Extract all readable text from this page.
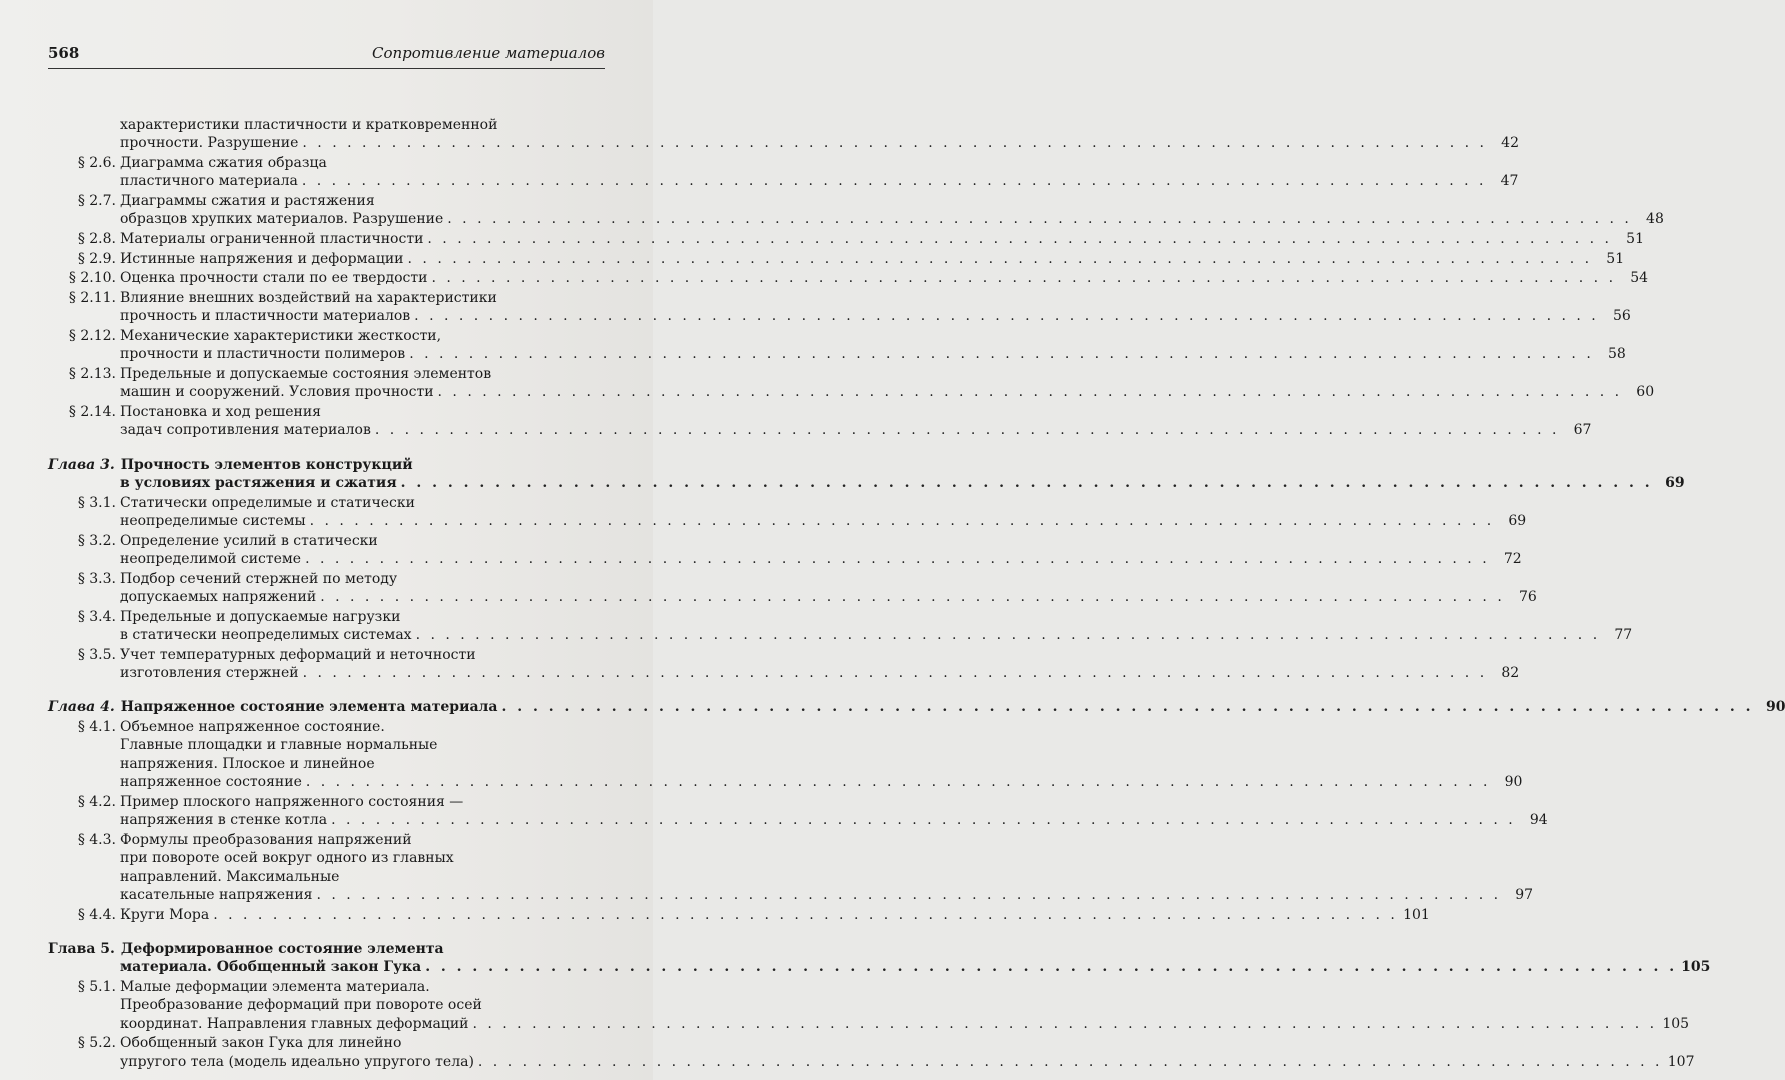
568	Сопротивление материалов
характеристики пластичности и кратковременной
прочности. Разрушение . . . . . . . . . . . . . . . . . . . . . . . . . . . . . . . . . . . . . . . . . . . . . . . . . . . . . . . . . . . . . . . . . . . . . . . . . . . . . . . .	42
§ 2.6. Диаграмма сжатия образца
пластичного материала . . . . . . . . . . . . . . . . . . . . . . . . . . . . . . . . . . . . . . . . . . . . . . . . . . . . . . . . . . . . . . . . . . . . . . . . . . . . . . . .	47
§ 2.7. Диаграммы сжатия и растяжения
образцов хрупких материалов. Разрушение . . . . . . . . . . . . . . . . . . . . . . . . . . . . . . . . . . . . . . . . . . . . . . . . . . . . . . . . . . . . . . . . . . . . . . . . . . . . . . . .	48
§ 2.8. Материалы ограниченной пластичности . . . . . . . . . . . . . . . . . . . . . . . . . . . . . . . . . . . . . . . . . . . . . . . . . . . . . . . . . . . . . . . . . . . . . . . . . . . . . . . .	51
§ 2.9. Истинные напряжения и деформации . . . . . . . . . . . . . . . . . . . . . . . . . . . . . . . . . . . . . . . . . . . . . . . . . . . . . . . . . . . . . . . . . . . . . . . . . . . . . . . .	51
§ 2.10. Оценка прочности стали по ее твердости . . . . . . . . . . . . . . . . . . . . . . . . . . . . . . . . . . . . . . . . . . . . . . . . . . . . . . . . . . . . . . . . . . . . . . . . . . . . . . . .	54
§ 2.11. Влияние внешних воздействий на характеристики
прочность и пластичности материалов . . . . . . . . . . . . . . . . . . . . . . . . . . . . . . . . . . . . . . . . . . . . . . . . . . . . . . . . . . . . . . . . . . . . . . . . . . . . . . . .	56
§ 2.12. Механические характеристики жесткости,
прочности и пластичности полимеров . . . . . . . . . . . . . . . . . . . . . . . . . . . . . . . . . . . . . . . . . . . . . . . . . . . . . . . . . . . . . . . . . . . . . . . . . . . . . . . .	58
§ 2.13. Предельные и допускаемые состояния элементов
машин и сооружений. Условия прочности . . . . . . . . . . . . . . . . . . . . . . . . . . . . . . . . . . . . . . . . . . . . . . . . . . . . . . . . . . . . . . . . . . . . . . . . . . . . . . . .	60
§ 2.14. Постановка и ход решения
задач сопротивления материалов . . . . . . . . . . . . . . . . . . . . . . . . . . . . . . . . . . . . . . . . . . . . . . . . . . . . . . . . . . . . . . . . . . . . . . . . . . . . . . . .	67
Глава 3. Прочность элементов конструкций
в условиях растяжения и сжатия . . . . . . . . . . . . . . . . . . . . . . . . . . . . . . . . . . . . . . . . . . . . . . . . . . . . . . . . . . . . . . . . . . . . . . . . . . . . . . . . 69
§ 3.1. Статически определимые и статически
неопределимые системы . . . . . . . . . . . . . . . . . . . . . . . . . . . . . . . . . . . . . . . . . . . . . . . . . . . . . . . . . . . . . . . . . . . . . . . . . . . . . . . .	69
§ 3.2. Определение усилий в статически
неопределимой системе . . . . . . . . . . . . . . . . . . . . . . . . . . . . . . . . . . . . . . . . . . . . . . . . . . . . . . . . . . . . . . . . . . . . . . . . . . . . . . . .	72
§ 3.3. Подбор сечений стержней по методу
допускаемых напряжений . . . . . . . . . . . . . . . . . . . . . . . . . . . . . . . . . . . . . . . . . . . . . . . . . . . . . . . . . . . . . . . . . . . . . . . . . . . . . . . .	76
§ 3.4. Предельные и допускаемые нагрузки
в статически неопределимых системах . . . . . . . . . . . . . . . . . . . . . . . . . . . . . . . . . . . . . . . . . . . . . . . . . . . . . . . . . . . . . . . . . . . . . . . . . . . . . . . .	77
§ 3.5. Учет температурных деформаций и неточности
изготовления стержней . . . . . . . . . . . . . . . . . . . . . . . . . . . . . . . . . . . . . . . . . . . . . . . . . . . . . . . . . . . . . . . . . . . . . . . . . . . . . . . .	82
Глава 4. Напряженное состояние элемента материала . . . . . . . . . . . . . . . . . . . . . . . . . . . . . . . . . . . . . . . . . . . . . . . . . . . . . . . . . . . . . . . . . . . . . . . . . . . . . . . . 90
§ 4.1. Объемное напряженное состояние.
Главные площадки и главные нормальные
напряжения. Плоское и линейное
напряженное состояние . . . . . . . . . . . . . . . . . . . . . . . . . . . . . . . . . . . . . . . . . . . . . . . . . . . . . . . . . . . . . . . . . . . . . . . . . . . . . . . .	90
§ 4.2. Пример плоского напряженного состояния —
напряжения в стенке котла . . . . . . . . . . . . . . . . . . . . . . . . . . . . . . . . . . . . . . . . . . . . . . . . . . . . . . . . . . . . . . . . . . . . . . . . . . . . . . . .	94
§ 4.3. Формулы преобразования напряжений
при повороте осей вокруг одного из главных
направлений. Максимальные
касательные напряжения . . . . . . . . . . . . . . . . . . . . . . . . . . . . . . . . . . . . . . . . . . . . . . . . . . . . . . . . . . . . . . . . . . . . . . . . . . . . . . . .	97
§ 4.4. Круги Мора . . . . . . . . . . . . . . . . . . . . . . . . . . . . . . . . . . . . . . . . . . . . . . . . . . . . . . . . . . . . . . . . . . . . . . . . . . . . . . . . 101
Глава 5. Деформированное состояние элемента
материала. Обобщенный закон Гука . . . . . . . . . . . . . . . . . . . . . . . . . . . . . . . . . . . . . . . . . . . . . . . . . . . . . . . . . . . . . . . . . . . . . . . . . . . . . . . . 105
§ 5.1. Малые деформации элемента материала.
Преобразование деформаций при повороте осей
координат. Направления главных деформаций . . . . . . . . . . . . . . . . . . . . . . . . . . . . . . . . . . . . . . . . . . . . . . . . . . . . . . . . . . . . . . . . . . . . . . . . . . . . . . . . 105
§ 5.2. Обобщенный закон Гука для линейно
упругого тела (модель идеально упругого тела) . . . . . . . . . . . . . . . . . . . . . . . . . . . . . . . . . . . . . . . . . . . . . . . . . . . . . . . . . . . . . . . . . . . . . . . . . . . . . . . . 107
